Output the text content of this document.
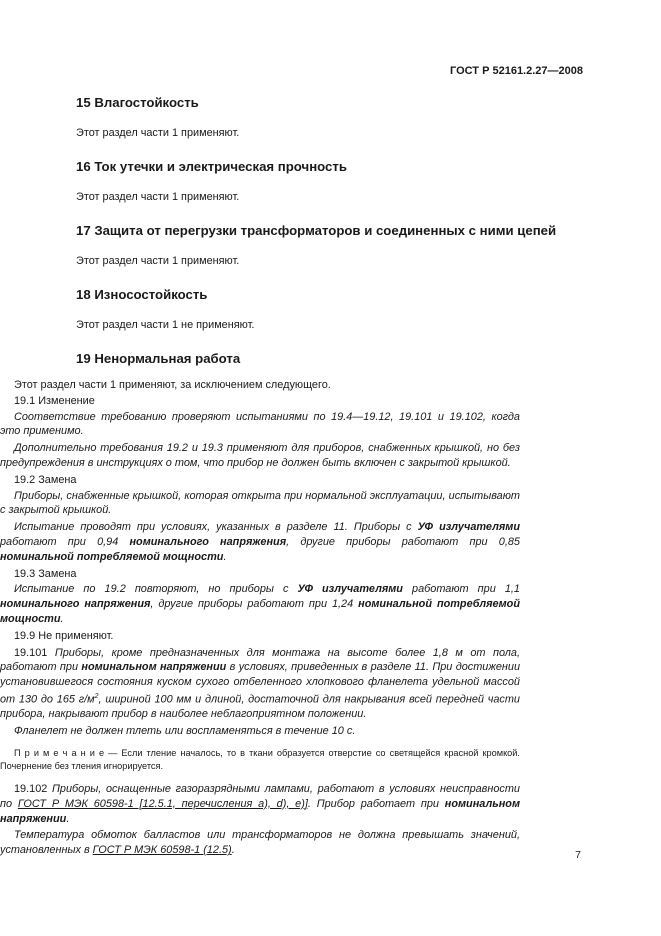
ГОСТ Р 52161.2.27—2008
15 Влагостойкость

Этот раздел части 1 применяют.

16 Ток утечки и электрическая прочность

Этот раздел части 1 применяют.

17 Защита от перегрузки трансформаторов и соединенных с ними цепей

Этот раздел части 1 применяют.

18 Износостойкость

Этот раздел части 1 не применяют.

19 Ненормальная работа

Этот раздел части 1 применяют, за исключением следующего.

19.1 Изменение

Соответствие требованию проверяют испытаниями по 19.4—19.12, 19.101 и 19.102, когда это применимо.

Дополнительно требования 19.2 и 19.3 применяют для приборов, снабженных крышкой, но без предупреждения в инструкциях о том, что прибор не должен быть включен с закрытой крышкой.

19.2 Замена

Приборы, снабженные крышкой, которая открыта при нормальной эксплуатации, испытывают с закрытой крышкой.

Испытание проводят при условиях, указанных в разделе 11. Приборы с УФ излучателями работают при 0,94 номинального напряжения, другие приборы работают при 0,85 номинальной потребляемой мощности.

19.3 Замена

Испытание по 19.2 повторяют, но приборы с УФ излучателями работают при 1,1 номинального напряжения, другие приборы работают при 1,24 номинальной потребляемой мощности.

19.9 Не применяют.

19.101 Приборы, кроме предназначенных для монтажа на высоте более 1,8 м от пола, работают при номинальном напряжении в условиях, приведенных в разделе 11. При достижении установившегося состояния куском сухого отбеленного хлопкового фланелета удельной массой от 130 до 165 $г/м^2$, шириной 100 мм и длиной, достаточной для накрывания всей передней части прибора, накрывают прибор в наиболее неблагоприятном положении.

Фланелет не должен тлеть или воспламеняться в течение 10 с.

П р и м е ч а н и е — Если тление началось, то в ткани образуется отверстие со светящейся красной кромкой. Почернение без тления игнорируется.

19.102 Приборы, оснащенные газоразрядными лампами, работают в условиях неисправности по ГОСТ Р МЭК 60598-1 [12.5.1, перечисления а), d), е)]. Прибор работает при номинальном напряжении.

Температура обмоток балластов или трансформаторов не должна превышать значений, установленных в ГОСТ Р МЭК 60598-1 (12.5).	7
